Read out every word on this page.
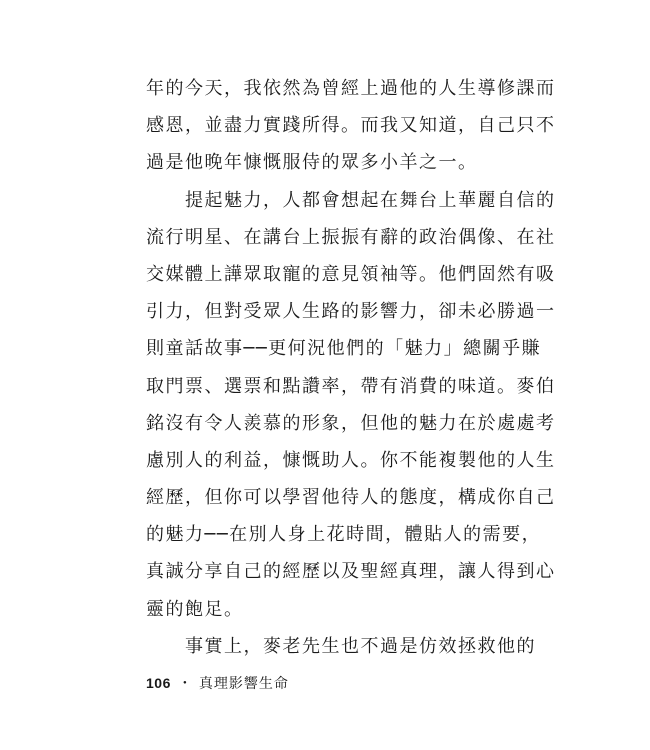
年的今天，我依然為曾經上過他的人生導修課而
感恩，並盡力實踐所得。而我又知道，自己只不
過是他晚年慷慨服侍的眾多小羊之一。
　　提起魅力，人都會想起在舞台上華麗自信的
流行明星、在講台上振振有辭的政治偶像、在社
交媒體上譁眾取寵的意見領袖等。他們固然有吸
引力，但對受眾人生路的影響力，卻未必勝過一
則童話故事──更何況他們的「魅力」總關乎賺
取門票、選票和點讚率，帶有消費的味道。麥伯
銘沒有令人羨慕的形象，但他的魅力在於處處考
慮別人的利益，慷慨助人。你不能複製他的人生
經歷，但你可以學習他待人的態度，構成你自己
的魅力──在別人身上花時間，體貼人的需要，
真誠分享自己的經歷以及聖經真理，讓人得到心
靈的飽足。
　　事實上，麥老先生也不過是仿效拯救他的
106 ・ 真理影響生命
